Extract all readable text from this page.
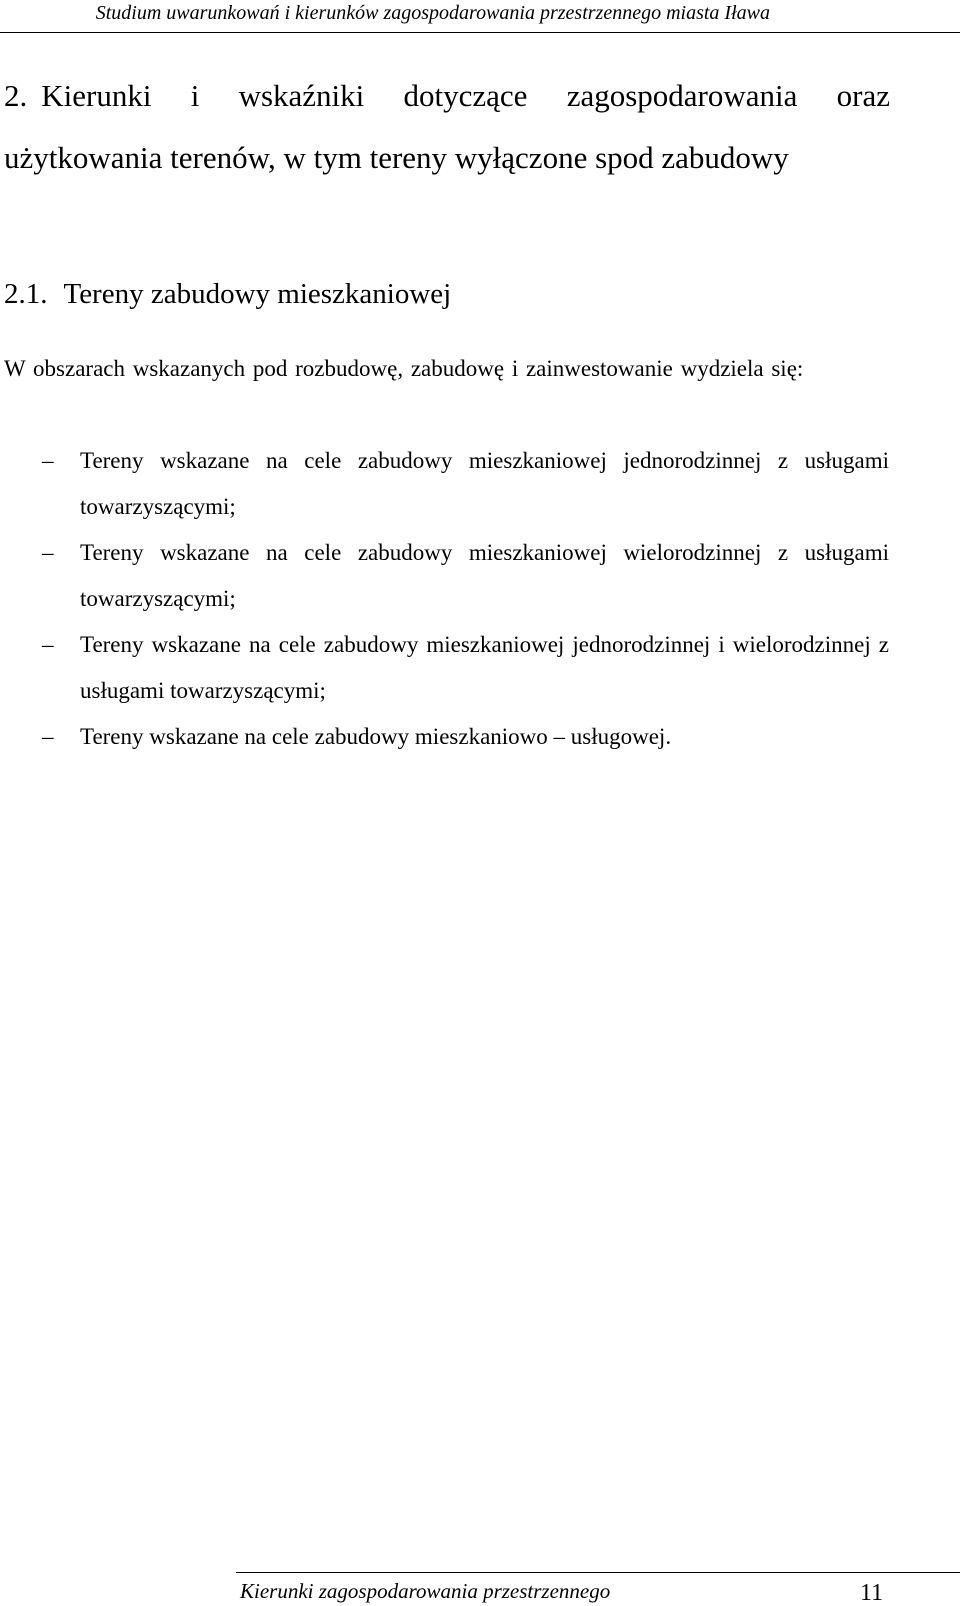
Studium uwarunkowań i kierunków zagospodarowania przestrzennego miasta Iława
2. Kierunki i wskaźniki dotyczące zagospodarowania oraz użytkowania terenów, w tym tereny wyłączone spod zabudowy
2.1. Tereny zabudowy mieszkaniowej

W obszarach wskazanych pod rozbudowę, zabudowę i zainwestowanie wydziela się:

– Tereny wskazane na cele zabudowy mieszkaniowej jednorodzinnej z usługami towarzyszącymi;
– Tereny wskazane na cele zabudowy mieszkaniowej wielorodzinnej z usługami towarzyszącymi;
– Tereny wskazane na cele zabudowy mieszkaniowej jednorodzinnej i wielorodzinnej z usługami towarzyszącymi;
– Tereny wskazane na cele zabudowy mieszkaniowo – usługowej.
Kierunki zagospodarowania przestrzennego	11
